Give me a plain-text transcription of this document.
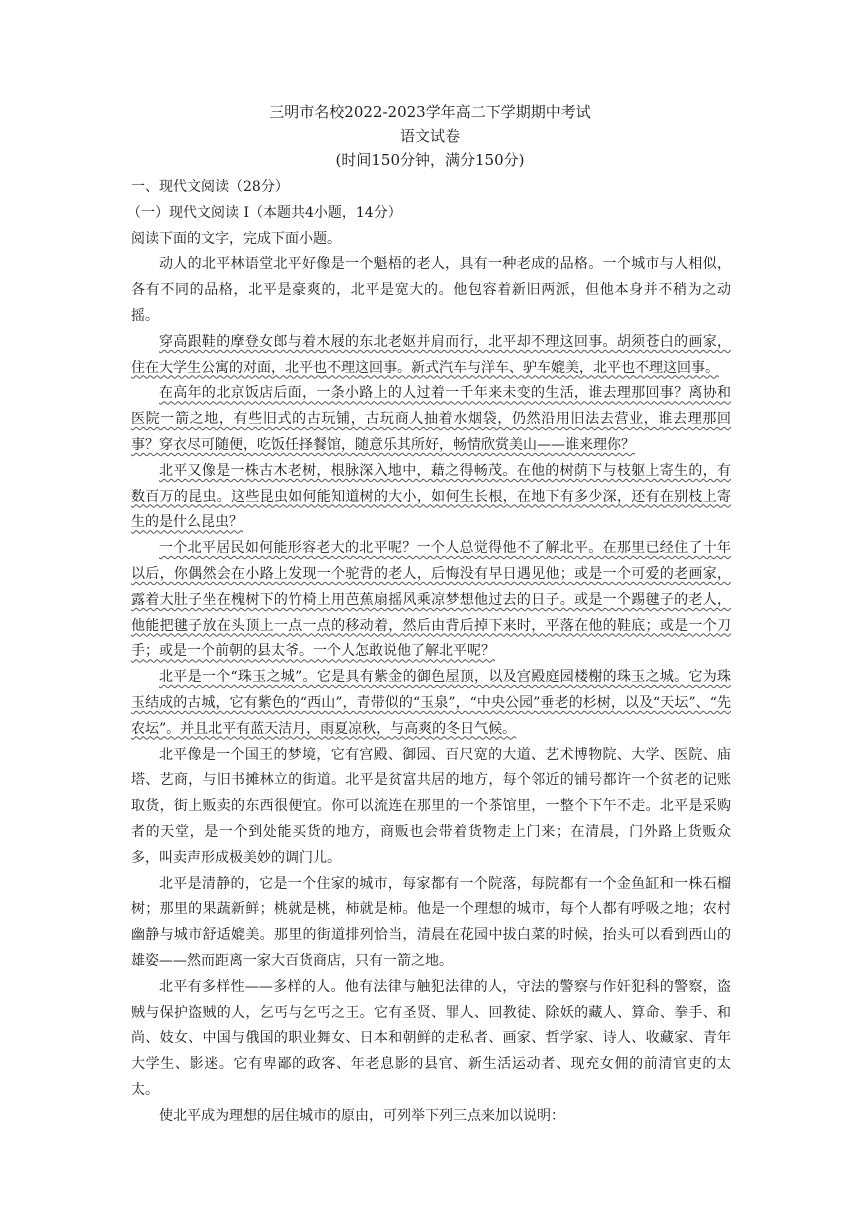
三明市名校2022-2023学年高二下学期期中考试
语文试卷
(时间150分钟，满分150分)
一、现代文阅读（28分）
（一）现代文阅读 I（本题共4小题，14分）
阅读下面的文字，完成下面小题。

动人的北平林语堂北平好像是一个魁梧的老人，具有一种老成的品格。一个城市与人相似，各有不同的品格，北平是豪爽的，北平是宽大的。他包容着新旧两派，但他本身并不稍为之动摇。

穿高跟鞋的摩登女郎与着木屐的东北老妪并肩而行，北平却不理这回事。胡须苍白的画家，住在大学生公寓的对面，北平也不理这回事。新式汽车与洋车、驴车媲美，北平也不理这回事。

在高年的北京饭店后面，一条小路上的人过着一千年来未变的生活，谁去理那回事？离协和医院一箭之地，有些旧式的古玩铺，古玩商人抽着水烟袋，仍然沿用旧法去营业，谁去理那回事？穿衣尽可随便，吃饭任择餐馆，随意乐其所好，畅情欣赏美山——谁来理你？

北平又像是一株古木老树，根脉深入地中，藉之得畅茂。在他的树荫下与枝躯上寄生的，有数百万的昆虫。这些昆虫如何能知道树的大小，如何生长根，在地下有多少深，还有在别枝上寄生的是什么昆虫？

一个北平居民如何能形容老大的北平呢？一个人总觉得他不了解北平。在那里已经住了十年以后，你偶然会在小路上发现一个驼背的老人，后悔没有早日遇见他；或是一个可爱的老画家，露着大肚子坐在槐树下的竹椅上用芭蕉扇摇风乘凉梦想他过去的日子。或是一个踢毽子的老人，他能把毽子放在头顶上一点一点的移动着，然后由背后掉下来时，平落在他的鞋底；或是一个刀手；或是一个前朝的县太爷。一个人怎敢说他了解北平呢？

北平是一个“珠玉之城”。它是具有紫金的御色屋顶，以及宫殿庭园楼榭的珠玉之城。它为珠玉结成的古城，它有紫色的“西山”，青带似的“玉泉”，“中央公园”垂老的杉树，以及“天坛”、“先农坛”。并且北平有蓝天洁月，雨夏凉秋，与高爽的冬日气候。

北平像是一个国王的梦境，它有宫殿、御园、百尺宽的大道、艺术博物院、大学、医院、庙塔、艺商，与旧书摊林立的街道。北平是贫富共居的地方，每个邻近的铺号都许一个贫老的记账取货，街上贩卖的东西很便宜。你可以流连在那里的一个茶馆里，一整个下午不走。北平是采购者的天堂，是一个到处能买货的地方，商贩也会带着货物走上门来；在清晨，门外路上货贩众多，叫卖声形成极美妙的调门儿。

北平是清静的，它是一个住家的城市，每家都有一个院落，每院都有一个金鱼缸和一株石榴树；那里的果蔬新鲜；桃就是桃，柿就是柿。他是一个理想的城市，每个人都有呼吸之地；农村幽静与城市舒适媲美。那里的街道排列恰当，清晨在花园中拔白菜的时候，抬头可以看到西山的雄姿——然而距离一家大百货商店，只有一箭之地。

北平有多样性——多样的人。他有法律与触犯法律的人，守法的警察与作奸犯科的警察，盗贼与保护盗贼的人，乞丐与乞丐之王。它有圣贤、罪人、回教徒、除妖的藏人、算命、拳手、和尚、妓女、中国与俄国的职业舞女、日本和朝鲜的走私者、画家、哲学家、诗人、收藏家、青年大学生、影迷。它有卑鄙的政客、年老息影的县官、新生活运动者、现充女佣的前清官吏的太太。

使北平成为理想的居住城市的原由，可列举下列三点来加以说明：
